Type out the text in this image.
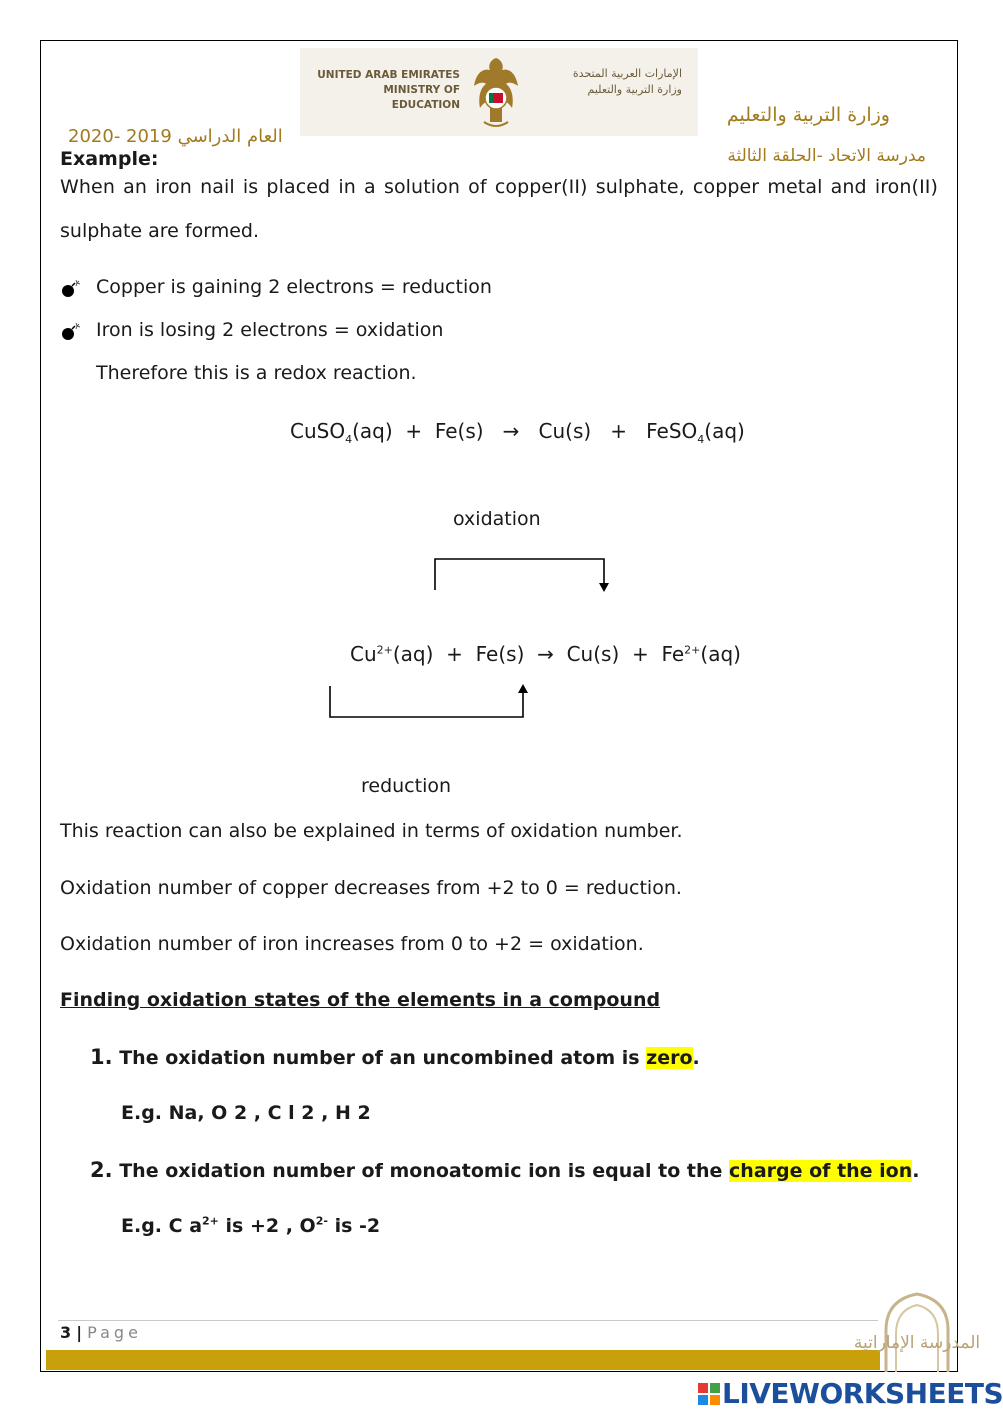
UNITED ARAB EMIRATES
MINISTRY OF EDUCATION
الإمارات العربية المتحدة
وزارة التربية والتعليم
وزارة التربية والتعليم
العام الدراسي 2019 -2020
مدرسة الاتحاد -الحلقة الثالثة
Example:
When an iron nail is placed in a solution of copper(II) sulphate, copper metal and iron(II)
sulphate are formed.
Copper is gaining 2 electrons = reduction
Iron is losing 2 electrons = oxidation
Therefore this is a redox reaction.
CuSO$_4$(aq) + Fe(s) → Cu(s) + FeSO$_4$(aq)
oxidation
$Cu^{2+}(aq) + Fe(s) \to Cu(s) + Fe^{2+}(aq)$
reduction
This reaction can also be explained in terms of oxidation number.
Oxidation number of copper decreases from +2 to 0 = reduction.
Oxidation number of iron increases from 0 to +2 = oxidation.
Finding oxidation states of the elements in a compound
1. The oxidation number of an uncombined atom is zero.
E.g. Na, O 2 , C l 2 , H 2
2. The oxidation number of monoatomic ion is equal to the charge of the ion.
E.g. C $a^{2+}$ is +2 , $O^{2-}$ is -2
3 | Page
المدرسة الإماراتية
LIVEWORKSHEETS
